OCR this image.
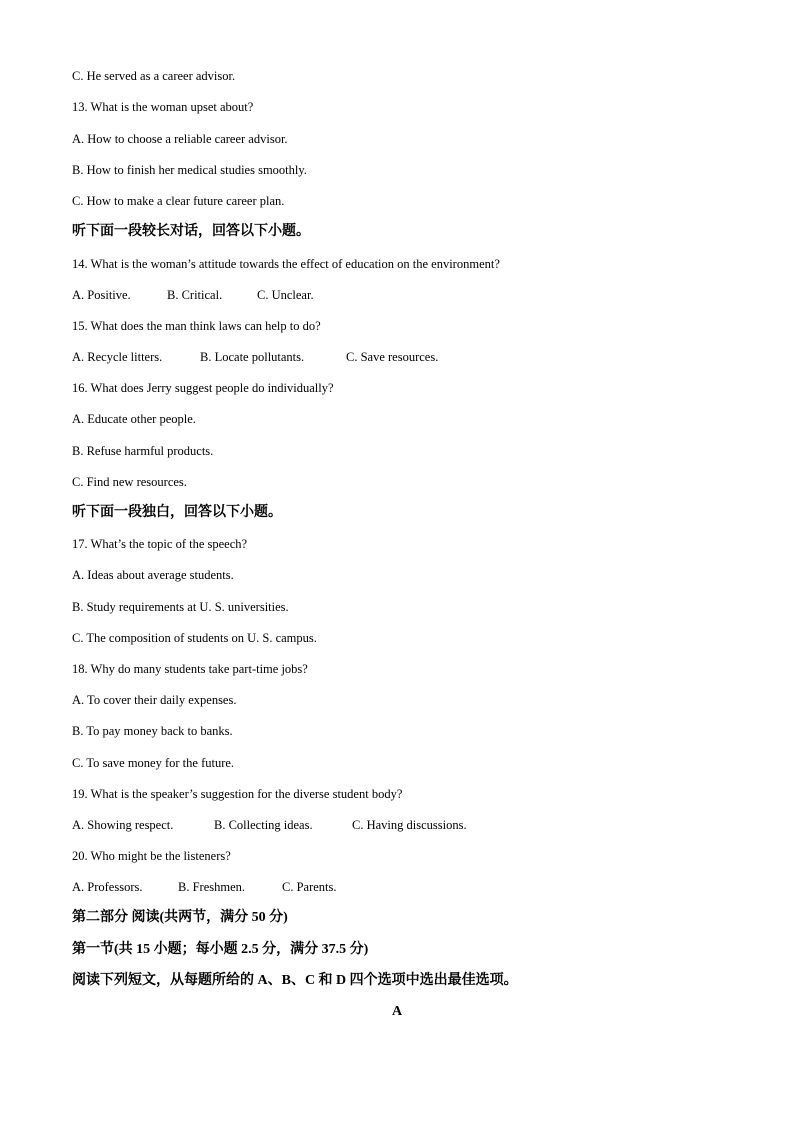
C. He served as a career advisor.
13. What is the woman upset about?
A. How to choose a reliable career advisor.
B. How to finish her medical studies smoothly.
C. How to make a clear future career plan.
听下面一段较长对话，回答以下小题。
14. What is the woman’s attitude towards the effect of education on the environment?
A. Positive.	B. Critical.	C. Unclear.
15. What does the man think laws can help to do?
A. Recycle litters.	B. Locate pollutants.	C. Save resources.
16. What does Jerry suggest people do individually?
A. Educate other people.
B. Refuse harmful products.
C. Find new resources.
听下面一段独白，回答以下小题。
17. What’s the topic of the speech?
A. Ideas about average students.
B. Study requirements at U. S. universities.
C. The composition of students on U. S. campus.
18. Why do many students take part-time jobs?
A. To cover their daily expenses.
B. To pay money back to banks.
C. To save money for the future.
19. What is the speaker’s suggestion for the diverse student body?
A. Showing respect.	B. Collecting ideas.	C. Having discussions.
20. Who might be the listeners?
A. Professors.	B. Freshmen.	C. Parents.
第二部分 阅读(共两节，满分 50 分)
第一节(共 15 小题；每小题 2.5 分，满分 37.5 分)
阅读下列短文，从每题所给的 A、B、C 和 D 四个选项中选出最佳选项。
A
